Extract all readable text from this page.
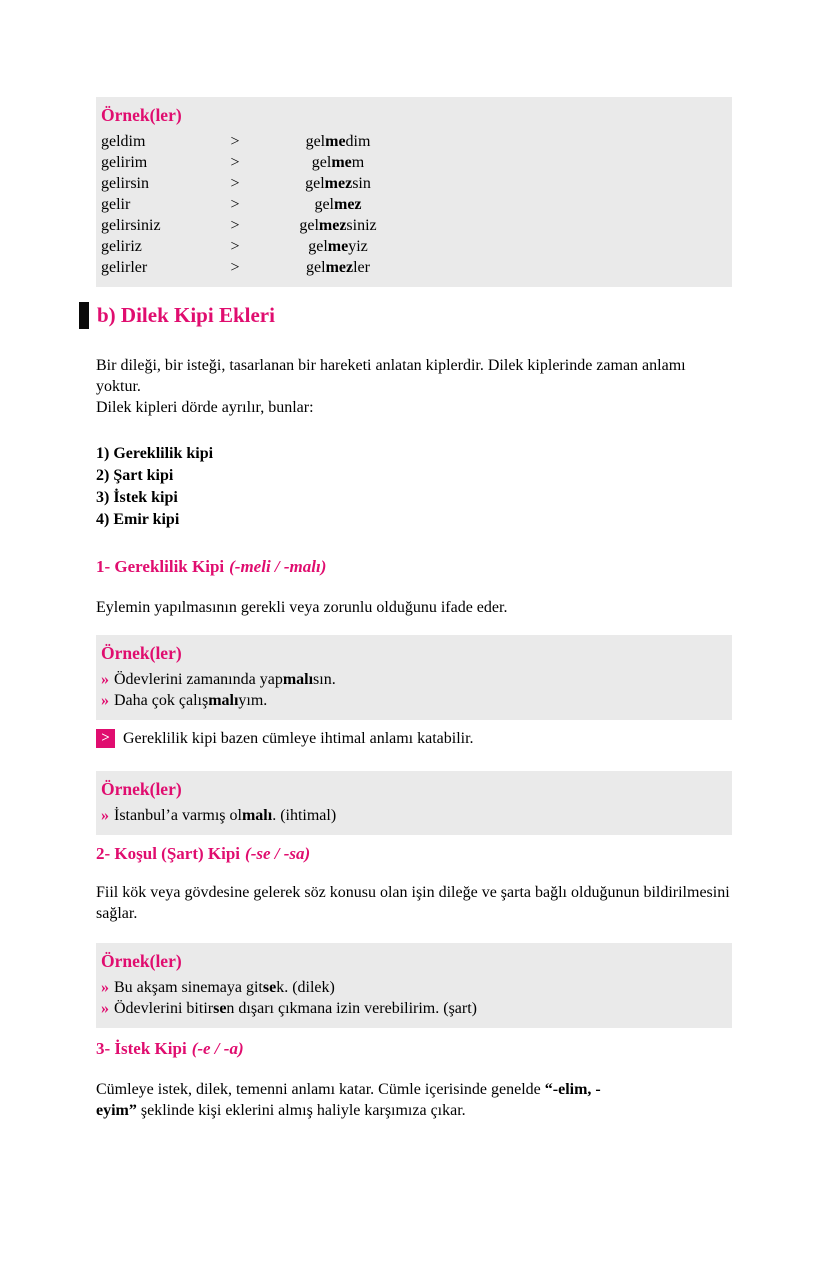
Örnek(ler)
geldim	>	gelmedim
gelirim	>	gelmem
gelirsin	>	gelmezsin
gelir	>	gelmez
gelirsiniz	>	gelmezsiniz
geliriz	>	gelmeyiz
gelirler	>	gelmezler
b) Dilek Kipi Ekleri

Bir dileği, bir isteği, tasarlanan bir hareketi anlatan kiplerdir. Dilek kiplerinde zaman anlamı yoktur.

Dilek kipleri dörde ayrılır, bunlar:

1) Gereklilik kipi
2) Şart kipi
3) İstek kipi
4) Emir kipi
1- Gereklilik Kipi (-meli / -malı)

Eylemin yapılmasının gerekli veya zorunlu olduğunu ifade eder.

Örnek(ler)
» Ödevlerini zamanında yapmalısın.
» Daha çok çalışmalıyım.
> Gereklilik kipi bazen cümleye ihtimal anlamı katabilir.
Örnek(ler)
» İstanbul’a varmış olmalı. (ihtimal)
2- Koşul (Şart) Kipi (-se / -sa)

Fiil kök veya gövdesine gelerek söz konusu olan işin dileğe ve şarta bağlı olduğunun bildirilmesini sağlar.

Örnek(ler)
» Bu akşam sinemaya gitsek. (dilek)
» Ödevlerini bitirsen dışarı çıkmana izin verebilirim. (şart)
3- İstek Kipi (-e / -a)

Cümleye istek, dilek, temenni anlamı katar. Cümle içerisinde genelde “-elim, -
eyim” şeklinde kişi eklerini almış haliyle karşımıza çıkar.
